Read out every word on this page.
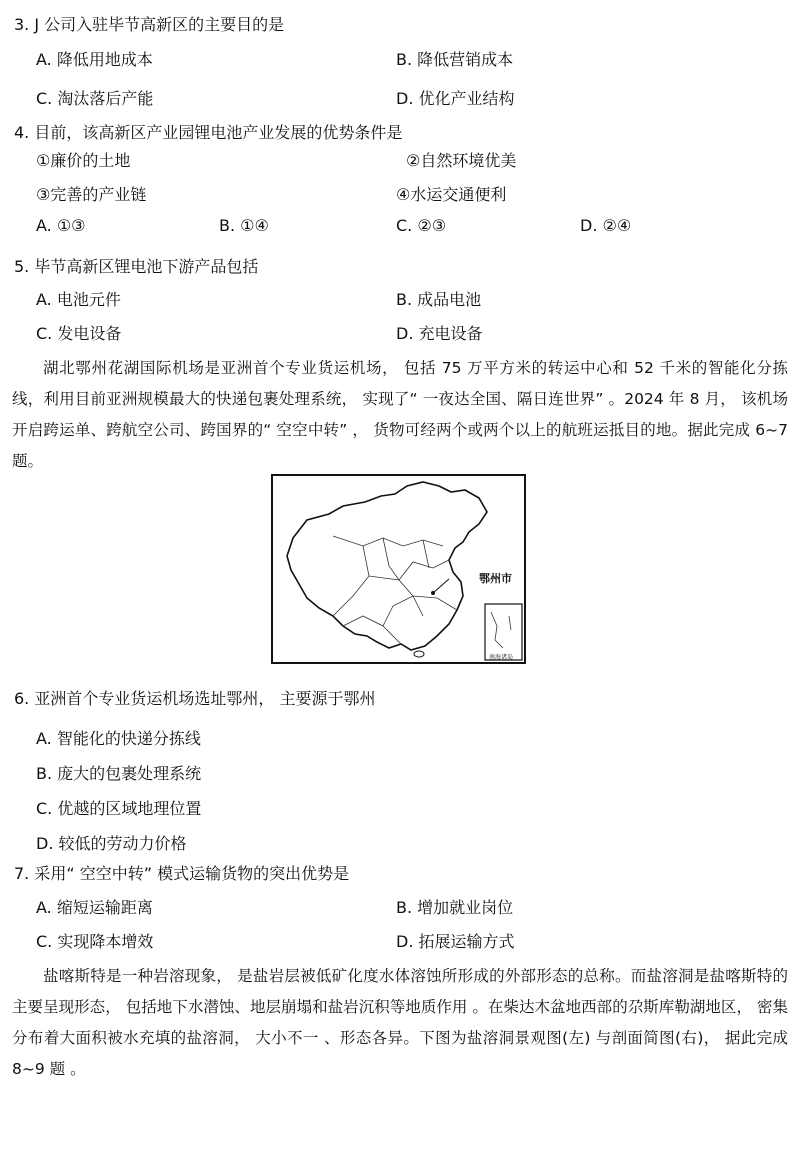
3. J 公司入驻毕节高新区的主要目的是
A. 降低用地成本	B. 降低营销成本
C. 淘汰落后产能	D. 优化产业结构
4. 目前，该高新区产业园锂电池产业发展的优势条件是
①廉价的土地	②自然环境优美
③完善的产业链	④水运交通便利
A. ①③	B. ①④	C. ②③	D. ②④
5. 毕节高新区锂电池下游产品包括
A. 电池元件	B. 成品电池
C. 发电设备	D. 充电设备

湖北鄂州花湖国际机场是亚洲首个专业货运机场， 包括 75 万平方米的转运中心和 52 千米的智能化分拣线，利用目前亚洲规模最大的快递包裹处理系统， 实现了“ 一夜达全国、隔日连世界” 。2024 年 8 月， 该机场开启跨运单、跨航空公司、跨国界的“ 空空中转” ， 货物可经两个或两个以上的航班运抵目的地。据此完成 6~7 题。

鄂州市
南海诸岛
6. 亚洲首个专业货运机场选址鄂州， 主要源于鄂州
A. 智能化的快递分拣线
B. 庞大的包裹处理系统
C. 优越的区域地理位置
D. 较低的劳动力价格
7. 采用“ 空空中转” 模式运输货物的突出优势是
A. 缩短运输距离	B. 增加就业岗位
C. 实现降本增效	D. 拓展运输方式

盐喀斯特是一种岩溶现象， 是盐岩层被低矿化度水体溶蚀所形成的外部形态的总称。而盐溶洞是盐喀斯特的主要呈现形态， 包括地下水潜蚀、地层崩塌和盐岩沉积等地质作用 。在柴达木盆地西部的尕斯库勒湖地区， 密集分布着大面积被水充填的盐溶洞， 大小不一 、形态各异。下图为盐溶洞景观图(左) 与剖面简图(右)， 据此完成8~9 题 。
